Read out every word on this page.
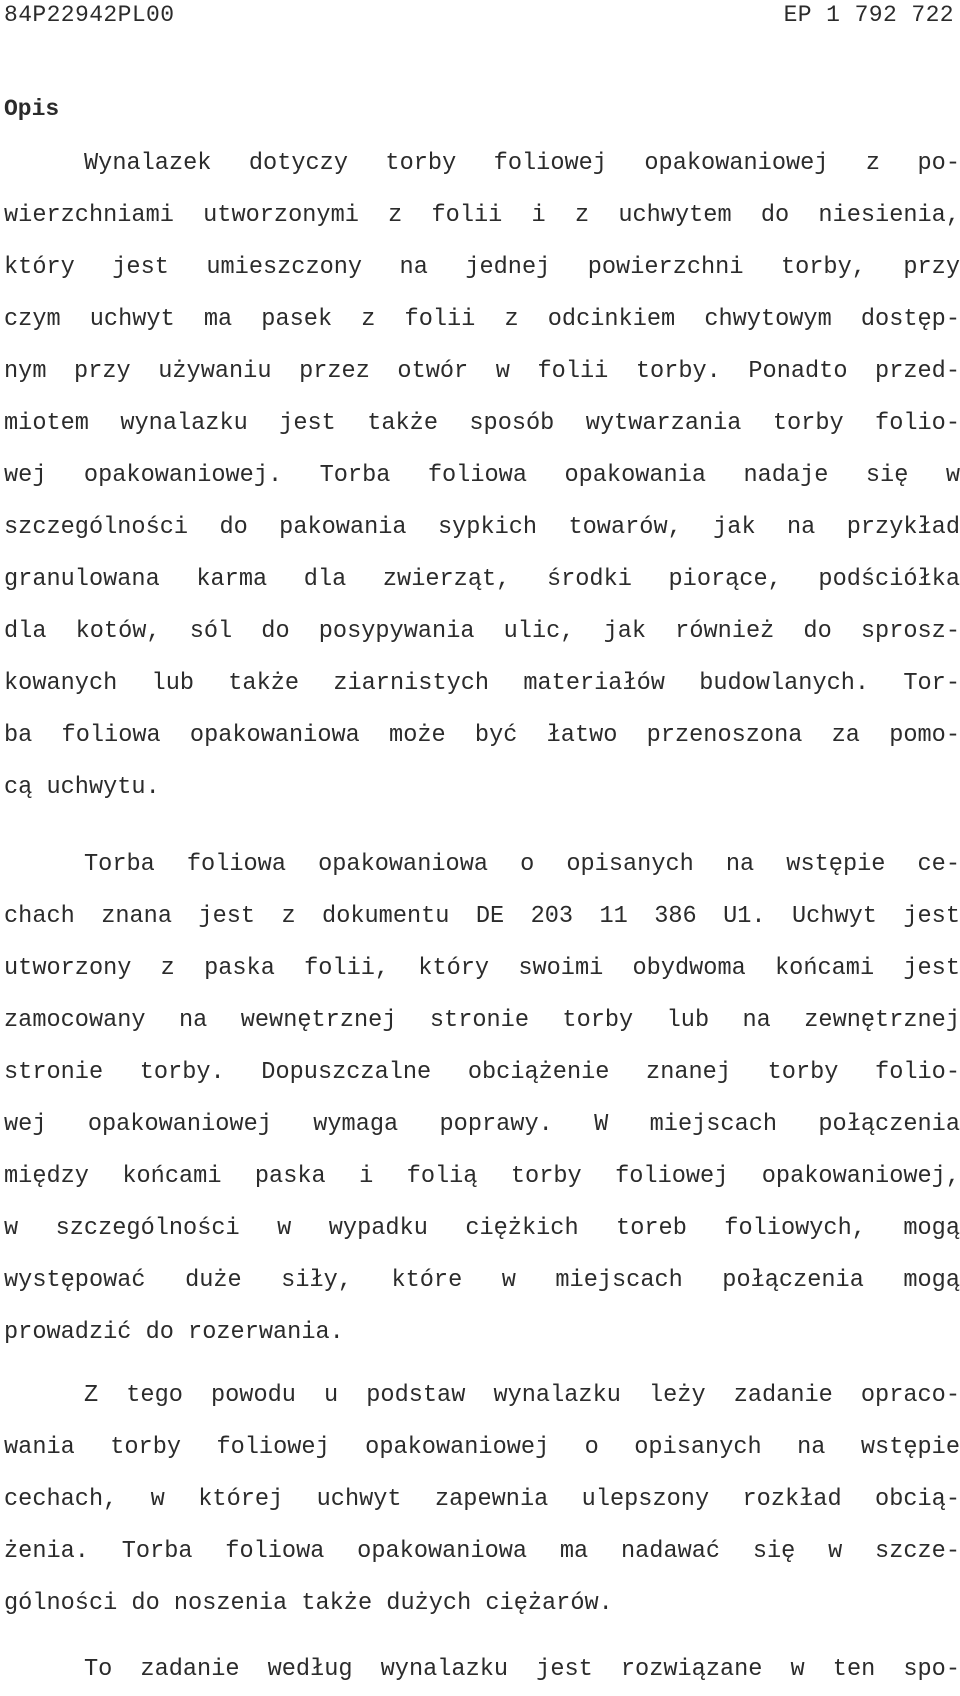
84P22942PL00	EP 1 792 722
Opis
Wynalazek dotyczy torby foliowej opakowaniowej z po-
wierzchniami utworzonymi z folii i z uchwytem do niesienia,
który jest umieszczony na jednej powierzchni torby, przy
czym uchwyt ma pasek z folii z odcinkiem chwytowym dostęp-
nym przy używaniu przez otwór w folii torby. Ponadto przed-
miotem wynalazku jest także sposób wytwarzania torby folio-
wej opakowaniowej. Torba foliowa opakowania nadaje się w
szczególności do pakowania sypkich towarów, jak na przykład
granulowana karma dla zwierząt, środki piorące, podściółka
dla kotów, sól do posypywania ulic, jak również do sprosz-
kowanych lub także ziarnistych materiałów budowlanych. Tor-
ba foliowa opakowaniowa może być łatwo przenoszona za pomo-
cą uchwytu.
Torba foliowa opakowaniowa o opisanych na wstępie ce-
chach znana jest z dokumentu DE 203 11 386 U1. Uchwyt jest
utworzony z paska folii, który swoimi obydwoma końcami jest
zamocowany na wewnętrznej stronie torby lub na zewnętrznej
stronie torby. Dopuszczalne obciążenie znanej torby folio-
wej opakowaniowej wymaga poprawy. W miejscach połączenia
między końcami paska i folią torby foliowej opakowaniowej,
w szczególności w wypadku ciężkich toreb foliowych, mogą
występować duże siły, które w miejscach połączenia mogą
prowadzić do rozerwania.
Z tego powodu u podstaw wynalazku leży zadanie opraco-
wania torby foliowej opakowaniowej o opisanych na wstępie
cechach, w której uchwyt zapewnia ulepszony rozkład obcią-
żenia. Torba foliowa opakowaniowa ma nadawać się w szcze-
gólności do noszenia także dużych ciężarów.
To zadanie według wynalazku jest rozwiązane w ten spo-
